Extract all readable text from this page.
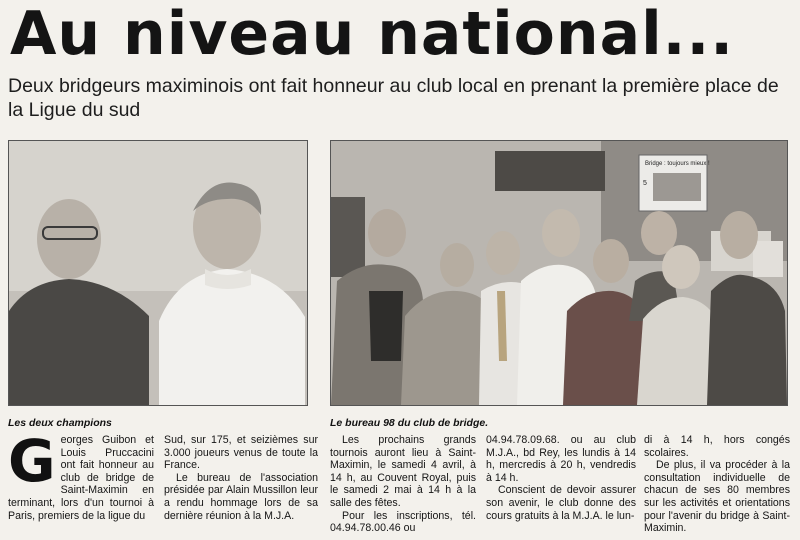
Au niveau national...

Deux bridgeurs maximinois ont fait honneur au club local en prenant la première place de la Ligue du sud

Les deux champions

Bridge : toujours mieux !
5

Le bureau 98 du club de bridge.

Georges Guibon et Louis Pruccacini ont fait honneur au club de bridge de Saint-Maximin en terminant, lors d'un tournoi à Paris, premiers de la ligue du

Sud, sur 175, et seizièmes sur 3.000 joueurs venus de toute la France.

Le bureau de l'association présidée par Alain Mussillon leur a rendu hommage lors de sa dernière réunion à la M.J.A.

Les prochains grands tournois auront lieu à Saint-Maximin, le samedi 4 avril, à 14 h, au Couvent Royal, puis le samedi 2 mai à 14 h à la salle des fêtes.

Pour les inscriptions, tél. 04.94.78.00.46 ou

04.94.78.09.68. ou au club M.J.A., bd Rey, les lundis à 14 h, mercredis à 20 h, vendredis à 14 h.

Conscient de devoir assurer son avenir, le club donne des cours gratuits à la M.J.A. le lun-

di à 14 h, hors congés scolaires.

De plus, il va procéder à la consultation individuelle de chacun de ses 80 membres sur les activités et orientations pour l'avenir du bridge à Saint-Maximin.
